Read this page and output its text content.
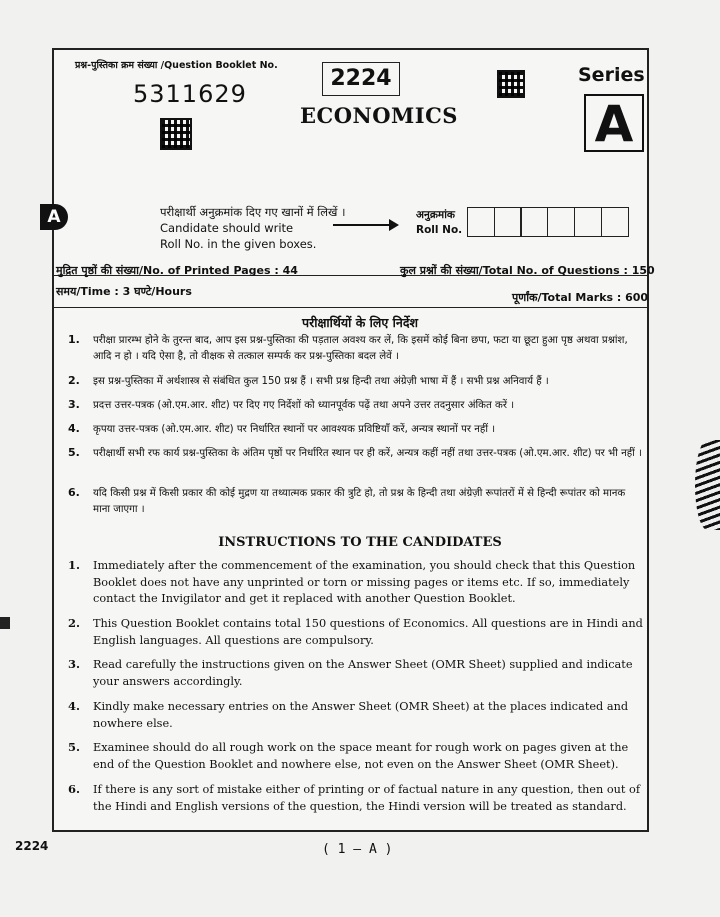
A
प्रश्न-पुस्तिका क्रम संख्या /Question Booklet No.
5311629
2224
ECONOMICS
Series
A
परीक्षार्थी अनुक्रमांक दिए गए खानों में लिखें ।
Candidate should write
Roll No. in the given boxes.
अनुक्रमांक
Roll No.
मुद्रित पृष्ठों की संख्या/No. of Printed Pages : 44	कुल प्रश्नों की संख्या/Total No. of Questions : 150
समय/Time : 3 घण्टे/Hours	पूर्णांक/Total Marks : 600
परीक्षार्थियों के लिए निर्देश
1.	परीक्षा प्रारम्भ होने के तुरन्त बाद, आप इस प्रश्न-पुस्तिका की पड़ताल अवश्य कर लें, कि इसमें कोई बिना छपा, फटा या छूटा हुआ पृष्ठ अथवा प्रश्नांश, आदि न हो । यदि ऐसा है, तो वीक्षक से तत्काल सम्पर्क कर प्रश्न-पुस्तिका बदल लेवें ।
2.	इस प्रश्न-पुस्तिका में अर्थशास्त्र से संबंधित कुल 150 प्रश्न हैं । सभी प्रश्न हिन्दी तथा अंग्रेज़ी भाषा में हैं । सभी प्रश्न अनिवार्य हैं ।
3.	प्रदत्त उत्तर-पत्रक (ओ.एम.आर. शीट) पर दिए गए निर्देशों को ध्यानपूर्वक पढ़ें तथा अपने उत्तर तदनुसार अंकित करें ।
4.	कृपया उत्तर-पत्रक (ओ.एम.आर. शीट) पर निर्धारित स्थानों पर आवश्यक प्रविष्टियाँ करें, अन्यत्र स्थानों पर नहीं ।
5.	परीक्षार्थी सभी रफ कार्य प्रश्न-पुस्तिका के अंतिम पृष्ठों पर निर्धारित स्थान पर ही करें, अन्यत्र कहीं नहीं तथा उत्तर-पत्रक (ओ.एम.आर. शीट) पर भी नहीं ।
6.	यदि किसी प्रश्न में किसी प्रकार की कोई मुद्रण या तथ्यात्मक प्रकार की त्रुटि हो, तो प्रश्न के हिन्दी तथा अंग्रेज़ी रूपांतरों में से हिन्दी रूपांतर को मानक माना जाएगा ।
INSTRUCTIONS TO THE CANDIDATES
1.	Immediately after the commencement of the examination, you should check that this Question Booklet does not have any unprinted or torn or missing pages or items etc. If so, immediately contact the Invigilator and get it replaced with another Question Booklet.
2.	This Question Booklet contains total 150 questions of Economics. All questions are in Hindi and English languages. All questions are compulsory.
3.	Read carefully the instructions given on the Answer Sheet (OMR Sheet) supplied and indicate your answers accordingly.
4.	Kindly make necessary entries on the Answer Sheet (OMR Sheet) at the places indicated and nowhere else.
5.	Examinee should do all rough work on the space meant for rough work on pages given at the end of the Question Booklet and nowhere else, not even on the Answer Sheet (OMR Sheet).
6.	If there is any sort of mistake either of printing or of factual nature in any question, then out of the Hindi and English versions of the question, the Hindi version will be treated as standard.
2224	( 1 – A )
